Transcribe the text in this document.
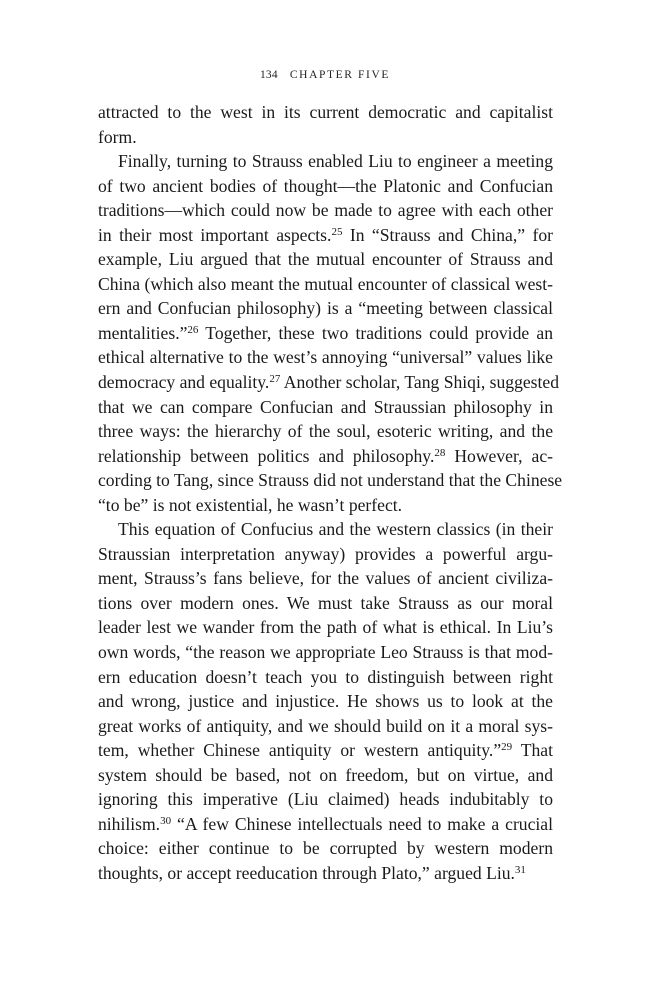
134 CHAPTER FIVE
attracted to the west in its current democratic and capitalist
form.
Finally, turning to Strauss enabled Liu to engineer a meeting
of two ancient bodies of thought—the Platonic and Confucian
traditions—which could now be made to agree with each other
in their most important aspects.$^{25}$ In “Strauss and China,” for
example, Liu argued that the mutual encounter of Strauss and
China (which also meant the mutual encounter of classical west-
ern and Confucian philosophy) is a “meeting between classical
mentalities.”$^{26}$ Together, these two traditions could provide an
ethical alternative to the west’s annoying “universal” values like
democracy and equality.$^{27}$ Another scholar, Tang Shiqi, suggested
that we can compare Confucian and Straussian philosophy in
three ways: the hierarchy of the soul, esoteric writing, and the
relationship between politics and philosophy.$^{28}$ However, ac-
cording to Tang, since Strauss did not understand that the Chinese
“to be” is not existential, he wasn’t perfect.
This equation of Confucius and the western classics (in their
Straussian interpretation anyway) provides a powerful argu-
ment, Strauss’s fans believe, for the values of ancient civiliza-
tions over modern ones. We must take Strauss as our moral
leader lest we wander from the path of what is ethical. In Liu’s
own words, “the reason we appropriate Leo Strauss is that mod-
ern education doesn’t teach you to distinguish between right
and wrong, justice and injustice. He shows us to look at the
great works of antiquity, and we should build on it a moral sys-
tem, whether Chinese antiquity or western antiquity.”$^{29}$ That
system should be based, not on freedom, but on virtue, and
ignoring this imperative (Liu claimed) heads indubitably to
nihilism.$^{30}$ “A few Chinese intellectuals need to make a crucial
choice: either continue to be corrupted by western modern
thoughts, or accept reeducation through Plato,” argued Liu.$^{31}$
